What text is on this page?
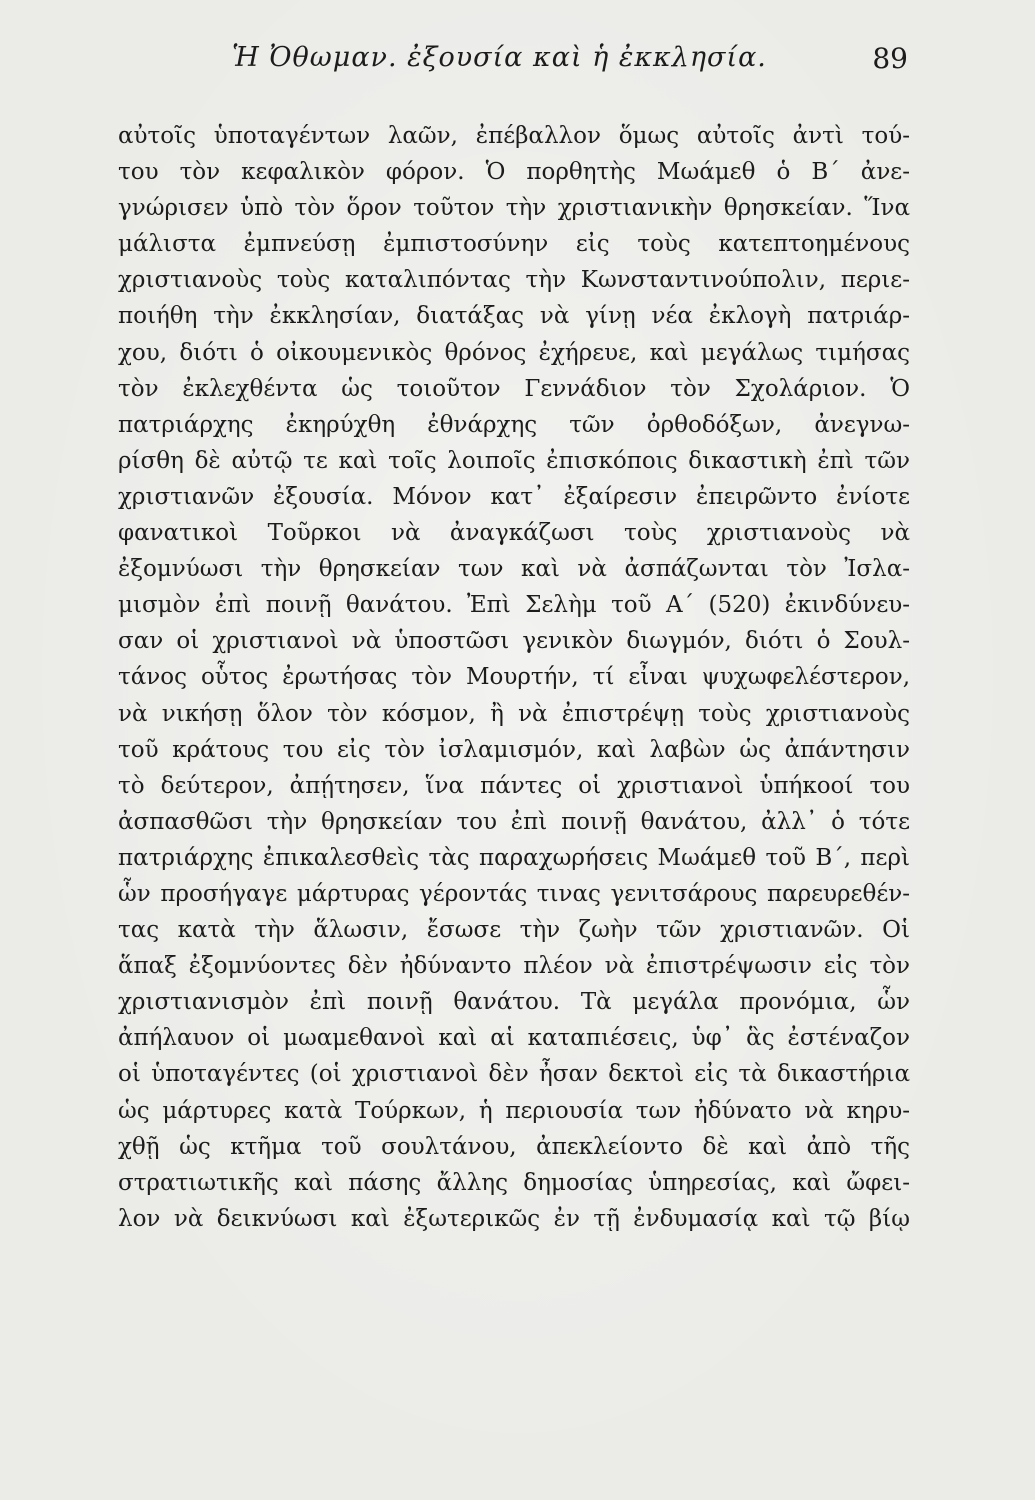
Ἡ Ὀθωμαν. ἐξουσία καὶ ἡ ἐκκλησία.	89
αὐτοῖς ὑποταγέντων λαῶν, ἐπέβαλλον ὅμως αὐτοῖς ἀντὶ τού-
του τὸν κεφαλικὸν φόρον. Ὁ πορθητὴς Μωάμεθ ὁ Β΄ ἀνε-
γνώρισεν ὑπὸ τὸν ὅρον τοῦτον τὴν χριστιανικὴν θρησκείαν. Ἵνα
μάλιστα ἐμπνεύσῃ ἐμπιστοσύνην εἰς τοὺς κατεπτοημένους
χριστιανοὺς τοὺς καταλιπόντας τὴν Κωνσταντινούπολιν, περιε-
ποιήθη τὴν ἐκκλησίαν, διατάξας νὰ γίνῃ νέα ἐκλογὴ πατριάρ-
χου, διότι ὁ οἰκουμενικὸς θρόνος ἐχήρευε, καὶ μεγάλως τιμήσας
τὸν ἐκλεχθέντα ὡς τοιοῦτον Γεννάδιον τὸν Σχολάριον. Ὁ
πατριάρχης ἐκηρύχθη ἐθνάρχης τῶν ὀρθοδόξων, ἀνεγνω-
ρίσθη δὲ αὐτῷ τε καὶ τοῖς λοιποῖς ἐπισκόποις δικαστικὴ ἐπὶ τῶν
χριστιανῶν ἐξουσία. Μόνον κατ᾽ ἐξαίρεσιν ἐπειρῶντο ἐνίοτε
φανατικοὶ Τοῦρκοι νὰ ἀναγκάζωσι τοὺς χριστιανοὺς νὰ
ἐξομνύωσι τὴν θρησκείαν των καὶ νὰ ἀσπάζωνται τὸν Ἰσλα-
μισμὸν ἐπὶ ποινῇ θανάτου. Ἐπὶ Σελὴμ τοῦ Α΄ (520) ἐκινδύνευ-
σαν οἱ χριστιανοὶ νὰ ὑποστῶσι γενικὸν διωγμόν, διότι ὁ Σουλ-
τάνος οὗτος ἐρωτήσας τὸν Μουρτήν, τί εἶναι ψυχωφελέστερον,
νὰ νικήσῃ ὅλον τὸν κόσμον, ἢ νὰ ἐπιστρέψῃ τοὺς χριστιανοὺς
τοῦ κράτους του εἰς τὸν ἰσλαμισμόν, καὶ λαβὼν ὡς ἀπάντησιν
τὸ δεύτερον, ἀπῄτησεν, ἵνα πάντες οἱ χριστιανοὶ ὑπήκοοί του
ἀσπασθῶσι τὴν θρησκείαν του ἐπὶ ποινῇ θανάτου, ἀλλ᾽ ὁ τότε
πατριάρχης ἐπικαλεσθεὶς τὰς παραχωρήσεις Μωάμεθ τοῦ Β΄, περὶ
ὧν προσήγαγε μάρτυρας γέροντάς τινας γενιτσάρους παρευρεθέν-
τας κατὰ τὴν ἅλωσιν, ἔσωσε τὴν ζωὴν τῶν χριστιανῶν. Οἱ
ἅπαξ ἐξομνύοντες δὲν ἠδύναντο πλέον νὰ ἐπιστρέψωσιν εἰς τὸν
χριστιανισμὸν ἐπὶ ποινῇ θανάτου. Τὰ μεγάλα προνόμια, ὧν
ἀπήλαυον οἱ μωαμεθανοὶ καὶ αἱ καταπιέσεις, ὑφ᾽ ἃς ἐστέναζον
οἱ ὑποταγέντες (οἱ χριστιανοὶ δὲν ἦσαν δεκτοὶ εἰς τὰ δικαστήρια
ὡς μάρτυρες κατὰ Τούρκων, ἡ περιουσία των ἠδύνατο νὰ κηρυ-
χθῇ ὡς κτῆμα τοῦ σουλτάνου, ἀπεκλείοντο δὲ καὶ ἀπὸ τῆς
στρατιωτικῆς καὶ πάσης ἄλλης δημοσίας ὑπηρεσίας, καὶ ὤφει-
λον νὰ δεικνύωσι καὶ ἐξωτερικῶς ἐν τῇ ἐνδυμασίᾳ καὶ τῷ βίῳ
